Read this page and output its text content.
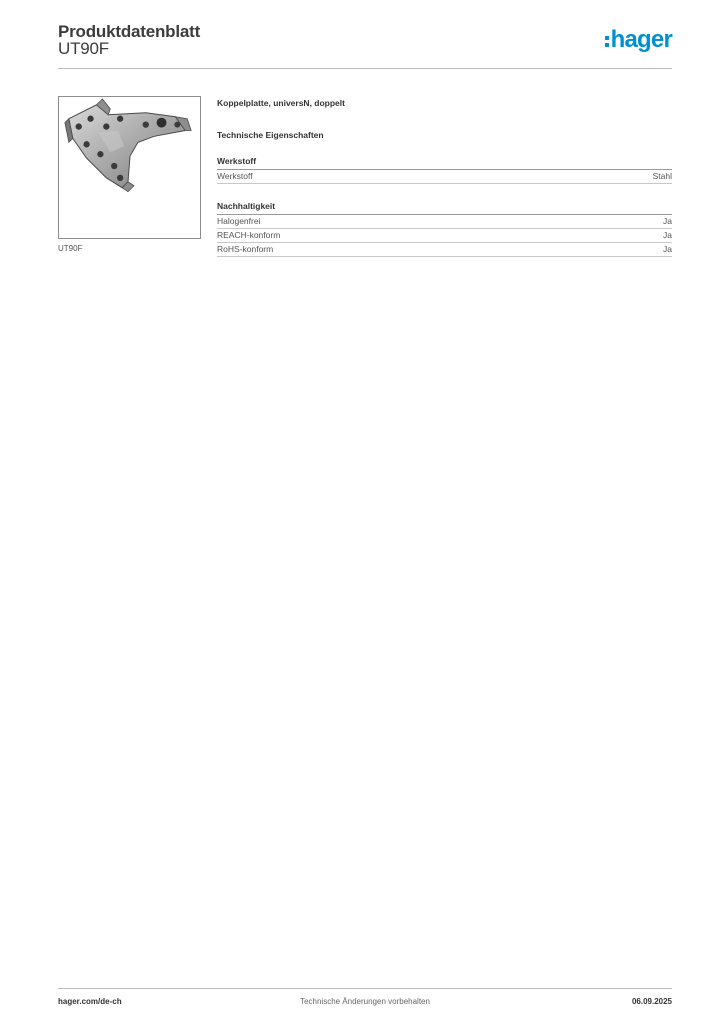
Produktdatenblatt
UT90F	hager
UT90F
Koppelplatte, universN, doppelt
Technische Eigenschaften
Werkstoff
Werkstoff	Stahl
Nachhaltigkeit
Halogenfrei	Ja
REACH-konform	Ja
RoHS-konform	Ja
hager.com/de-ch	Technische Änderungen vorbehalten	06.09.2025
